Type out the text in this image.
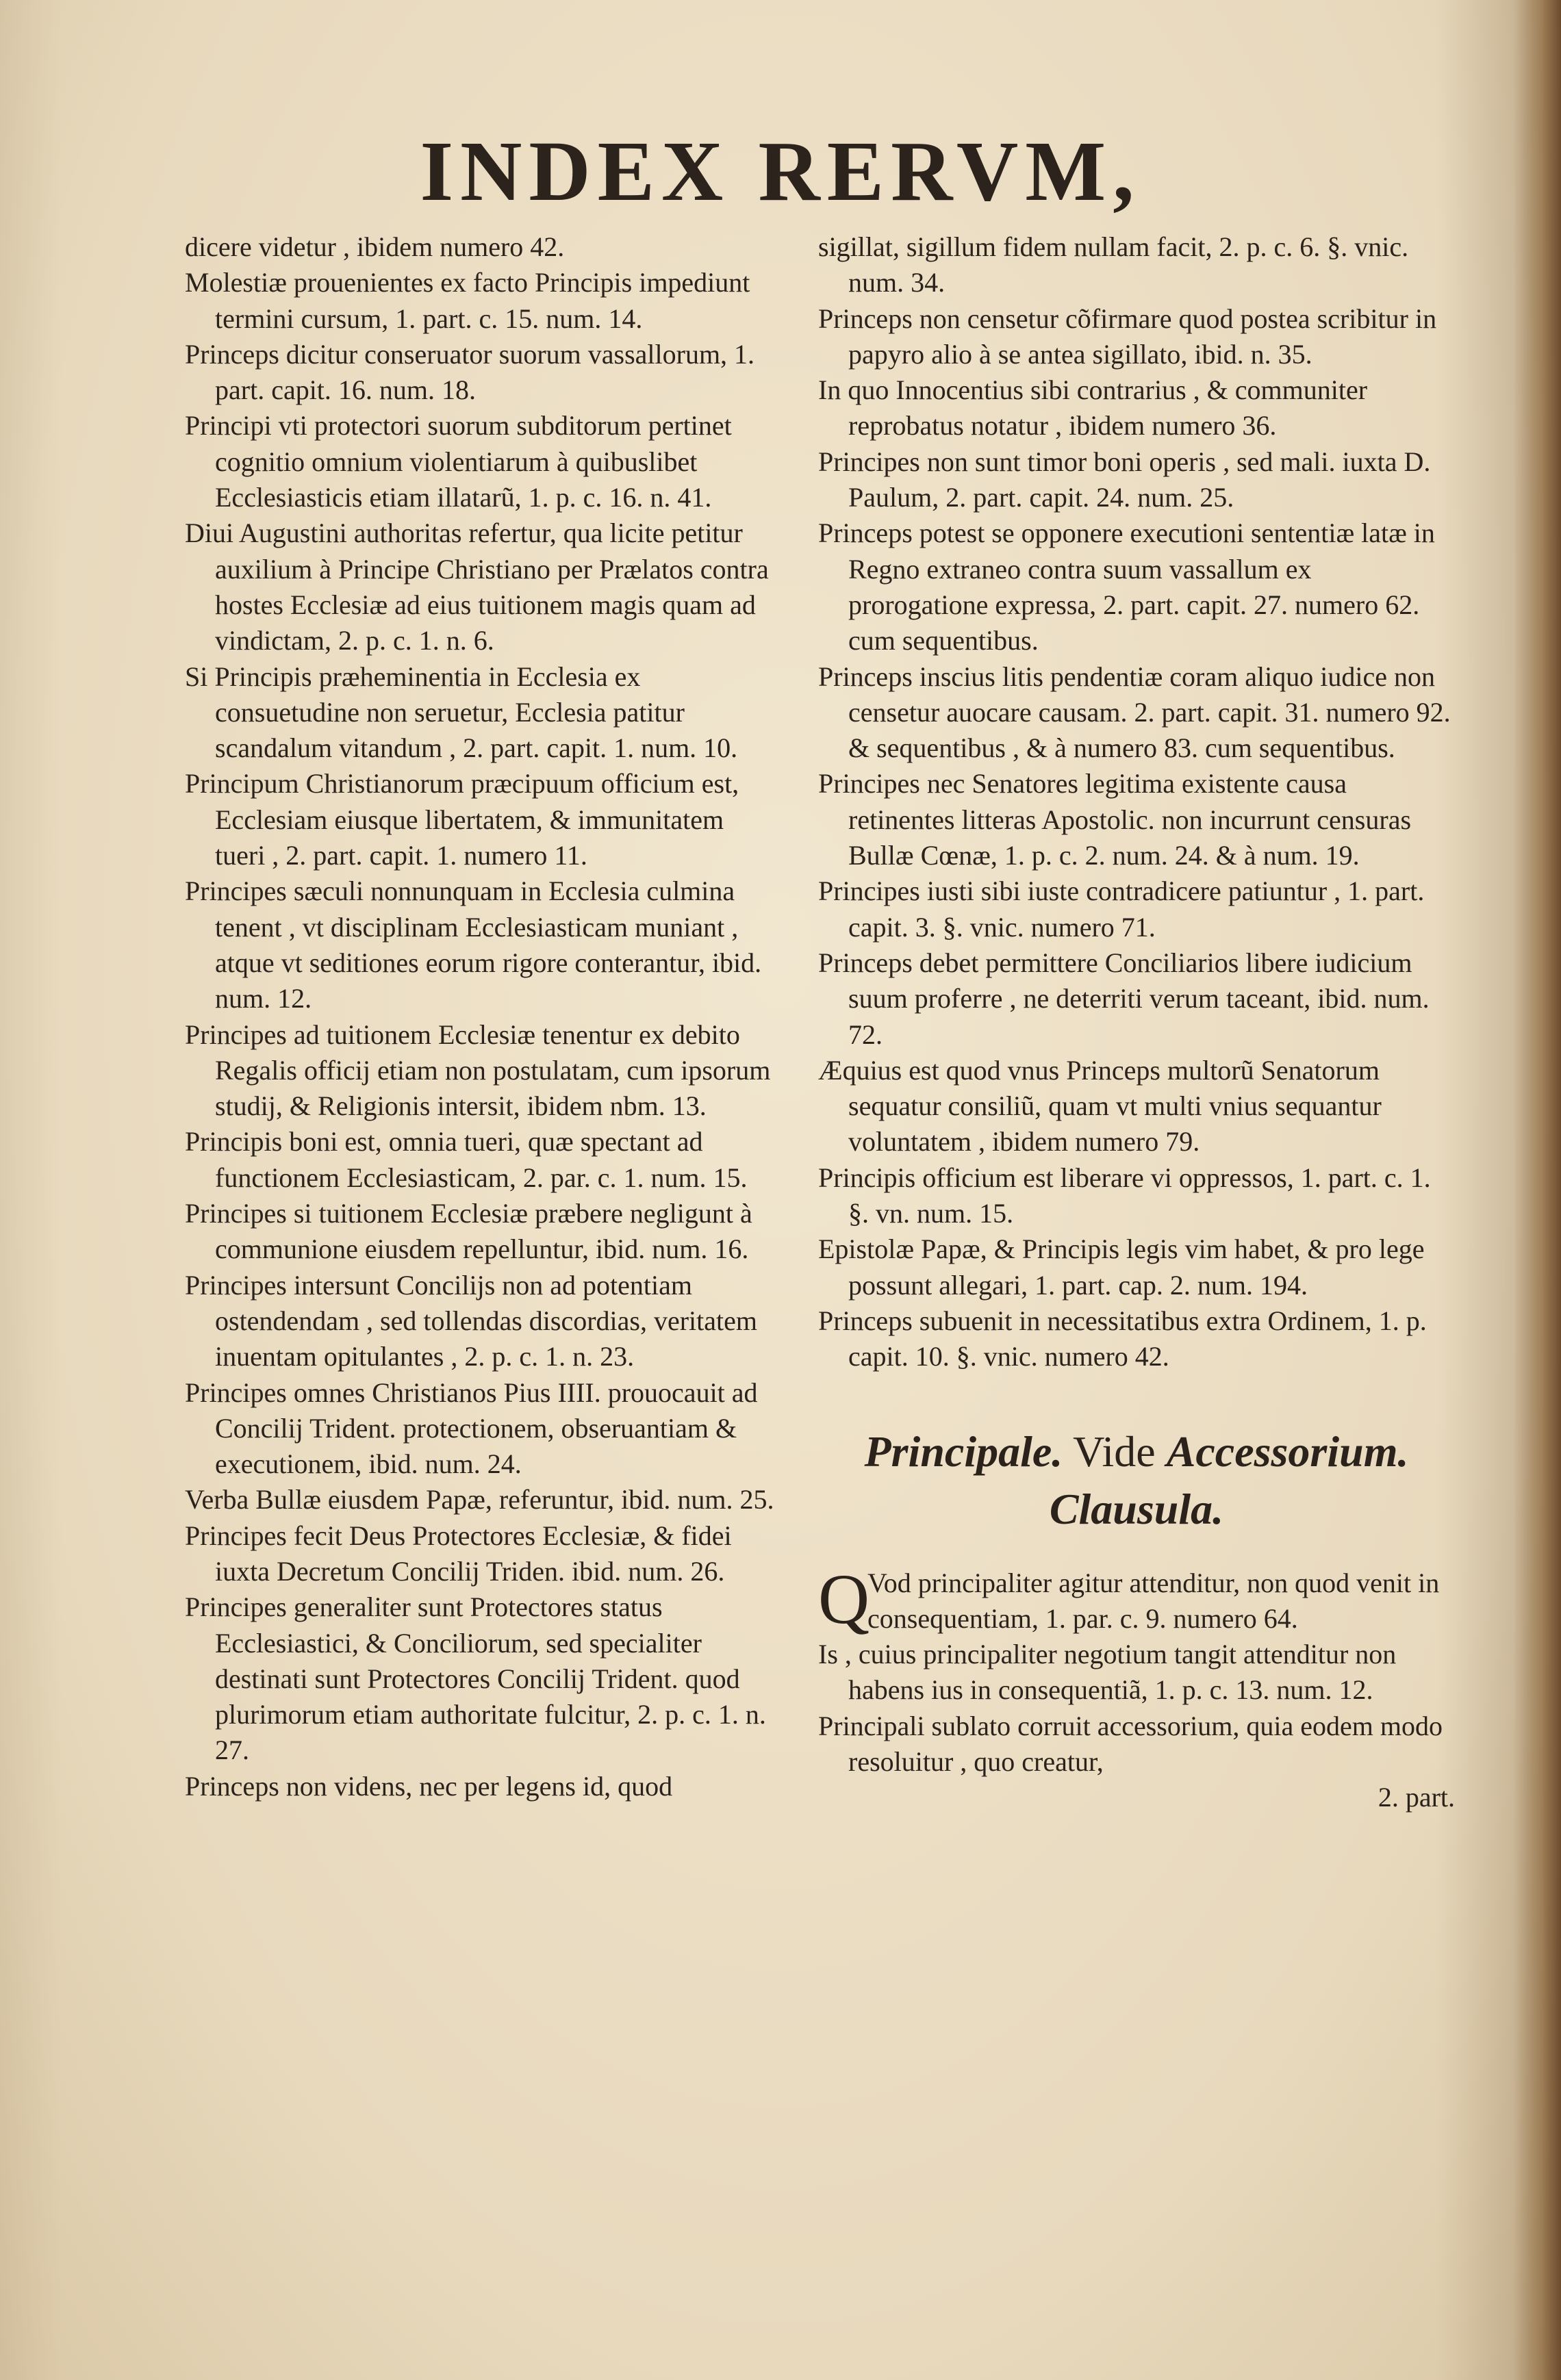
INDEX RERVM,

dicere videtur , ibidem numero 42.

Molestiæ prouenientes ex facto Principis impediunt termini cursum, 1. part. c. 15. num. 14.

Princeps dicitur conseruator suorum vassallorum, 1. part. capit. 16. num. 18.

Principi vti protectori suorum subditorum pertinet cognitio omnium violentiarum à quibuslibet Ecclesiasticis etiam illatarũ, 1. p. c. 16. n. 41.

Diui Augustini authoritas refertur, qua licite petitur auxilium à Principe Christiano per Prælatos contra hostes Ecclesiæ ad eius tuitionem magis quam ad vindictam, 2. p. c. 1. n. 6.

Si Principis præheminentia in Ecclesia ex consuetudine non seruetur, Ecclesia patitur scandalum vitandum , 2. part. capit. 1. num. 10.

Principum Christianorum præcipuum officium est, Ecclesiam eiusque libertatem, & immunitatem tueri , 2. part. capit. 1. numero 11.

Principes sæculi nonnunquam in Ecclesia culmina tenent , vt disciplinam Ecclesiasticam muniant , atque vt seditiones eorum rigore conterantur, ibid. num. 12.

Principes ad tuitionem Ecclesiæ tenentur ex debito Regalis officij etiam non postulatam, cum ipsorum studij, & Religionis intersit, ibidem nbm. 13.

Principis boni est, omnia tueri, quæ spectant ad functionem Ecclesiasticam, 2. par. c. 1. num. 15.

Principes si tuitionem Ecclesiæ præbere negligunt à communione eiusdem repelluntur, ibid. num. 16.

Principes intersunt Concilijs non ad potentiam ostendendam , sed tollendas discordias, veritatem inuentam opitulantes , 2. p. c. 1. n. 23.

Principes omnes Christianos Pius IIII. prouocauit ad Concilij Trident. protectionem, obseruantiam & executionem, ibid. num. 24.

Verba Bullæ eiusdem Papæ, referuntur, ibid. num. 25.

Principes fecit Deus Protectores Ecclesiæ, & fidei iuxta Decretum Concilij Triden. ibid. num. 26.

Principes generaliter sunt Protectores status Ecclesiastici, & Conciliorum, sed specialiter destinati sunt Protectores Concilij Trident. quod plurimorum etiam authoritate fulcitur, 2. p. c. 1. n. 27.

Princeps non videns, nec per legens id, quod

sigillat, sigillum fidem nullam facit, 2. p. c. 6. §. vnic. num. 34.

Princeps non censetur cõfirmare quod postea scribitur in papyro alio à se antea sigillato, ibid. n. 35.

In quo Innocentius sibi contrarius , & communiter reprobatus notatur , ibidem numero 36.

Principes non sunt timor boni operis , sed mali. iuxta D. Paulum, 2. part. capit. 24. num. 25.

Princeps potest se opponere executioni sententiæ latæ in Regno extraneo contra suum vassallum ex prorogatione expressa, 2. part. capit. 27. numero 62. cum sequentibus.

Princeps inscius litis pendentiæ coram aliquo iudice non censetur auocare causam. 2. part. capit. 31. numero 92. & sequentibus , & à numero 83. cum sequentibus.

Principes nec Senatores legitima existente causa retinentes litteras Apostolic. non incurrunt censuras Bullæ Cœnæ, 1. p. c. 2. num. 24. & à num. 19.

Principes iusti sibi iuste contradicere patiuntur , 1. part. capit. 3. §. vnic. numero 71.

Princeps debet permittere Conciliarios libere iudicium suum proferre , ne deterriti verum taceant, ibid. num. 72.

Æquius est quod vnus Princeps multorũ Senatorum sequatur consiliũ, quam vt multi vnius sequantur voluntatem , ibidem numero 79.

Principis officium est liberare vi oppressos, 1. part. c. 1. §. vn. num. 15.

Epistolæ Papæ, & Principis legis vim habet, & pro lege possunt allegari, 1. part. cap. 2. num. 194.

Princeps subuenit in necessitatibus extra Ordinem, 1. p. capit. 10. §. vnic. numero 42.

Principale. Vide Accessorium.
Clausula.

Q
Vod principaliter agitur attenditur, non quod venit in consequentiam, 1. par. c. 9. numero 64.

Is , cuius principaliter negotium tangit attenditur non habens ius in consequentiã, 1. p. c. 13. num. 12.

Principali sublato corruit accessorium, quia eodem modo resoluitur , quo creatur,

2. part.
